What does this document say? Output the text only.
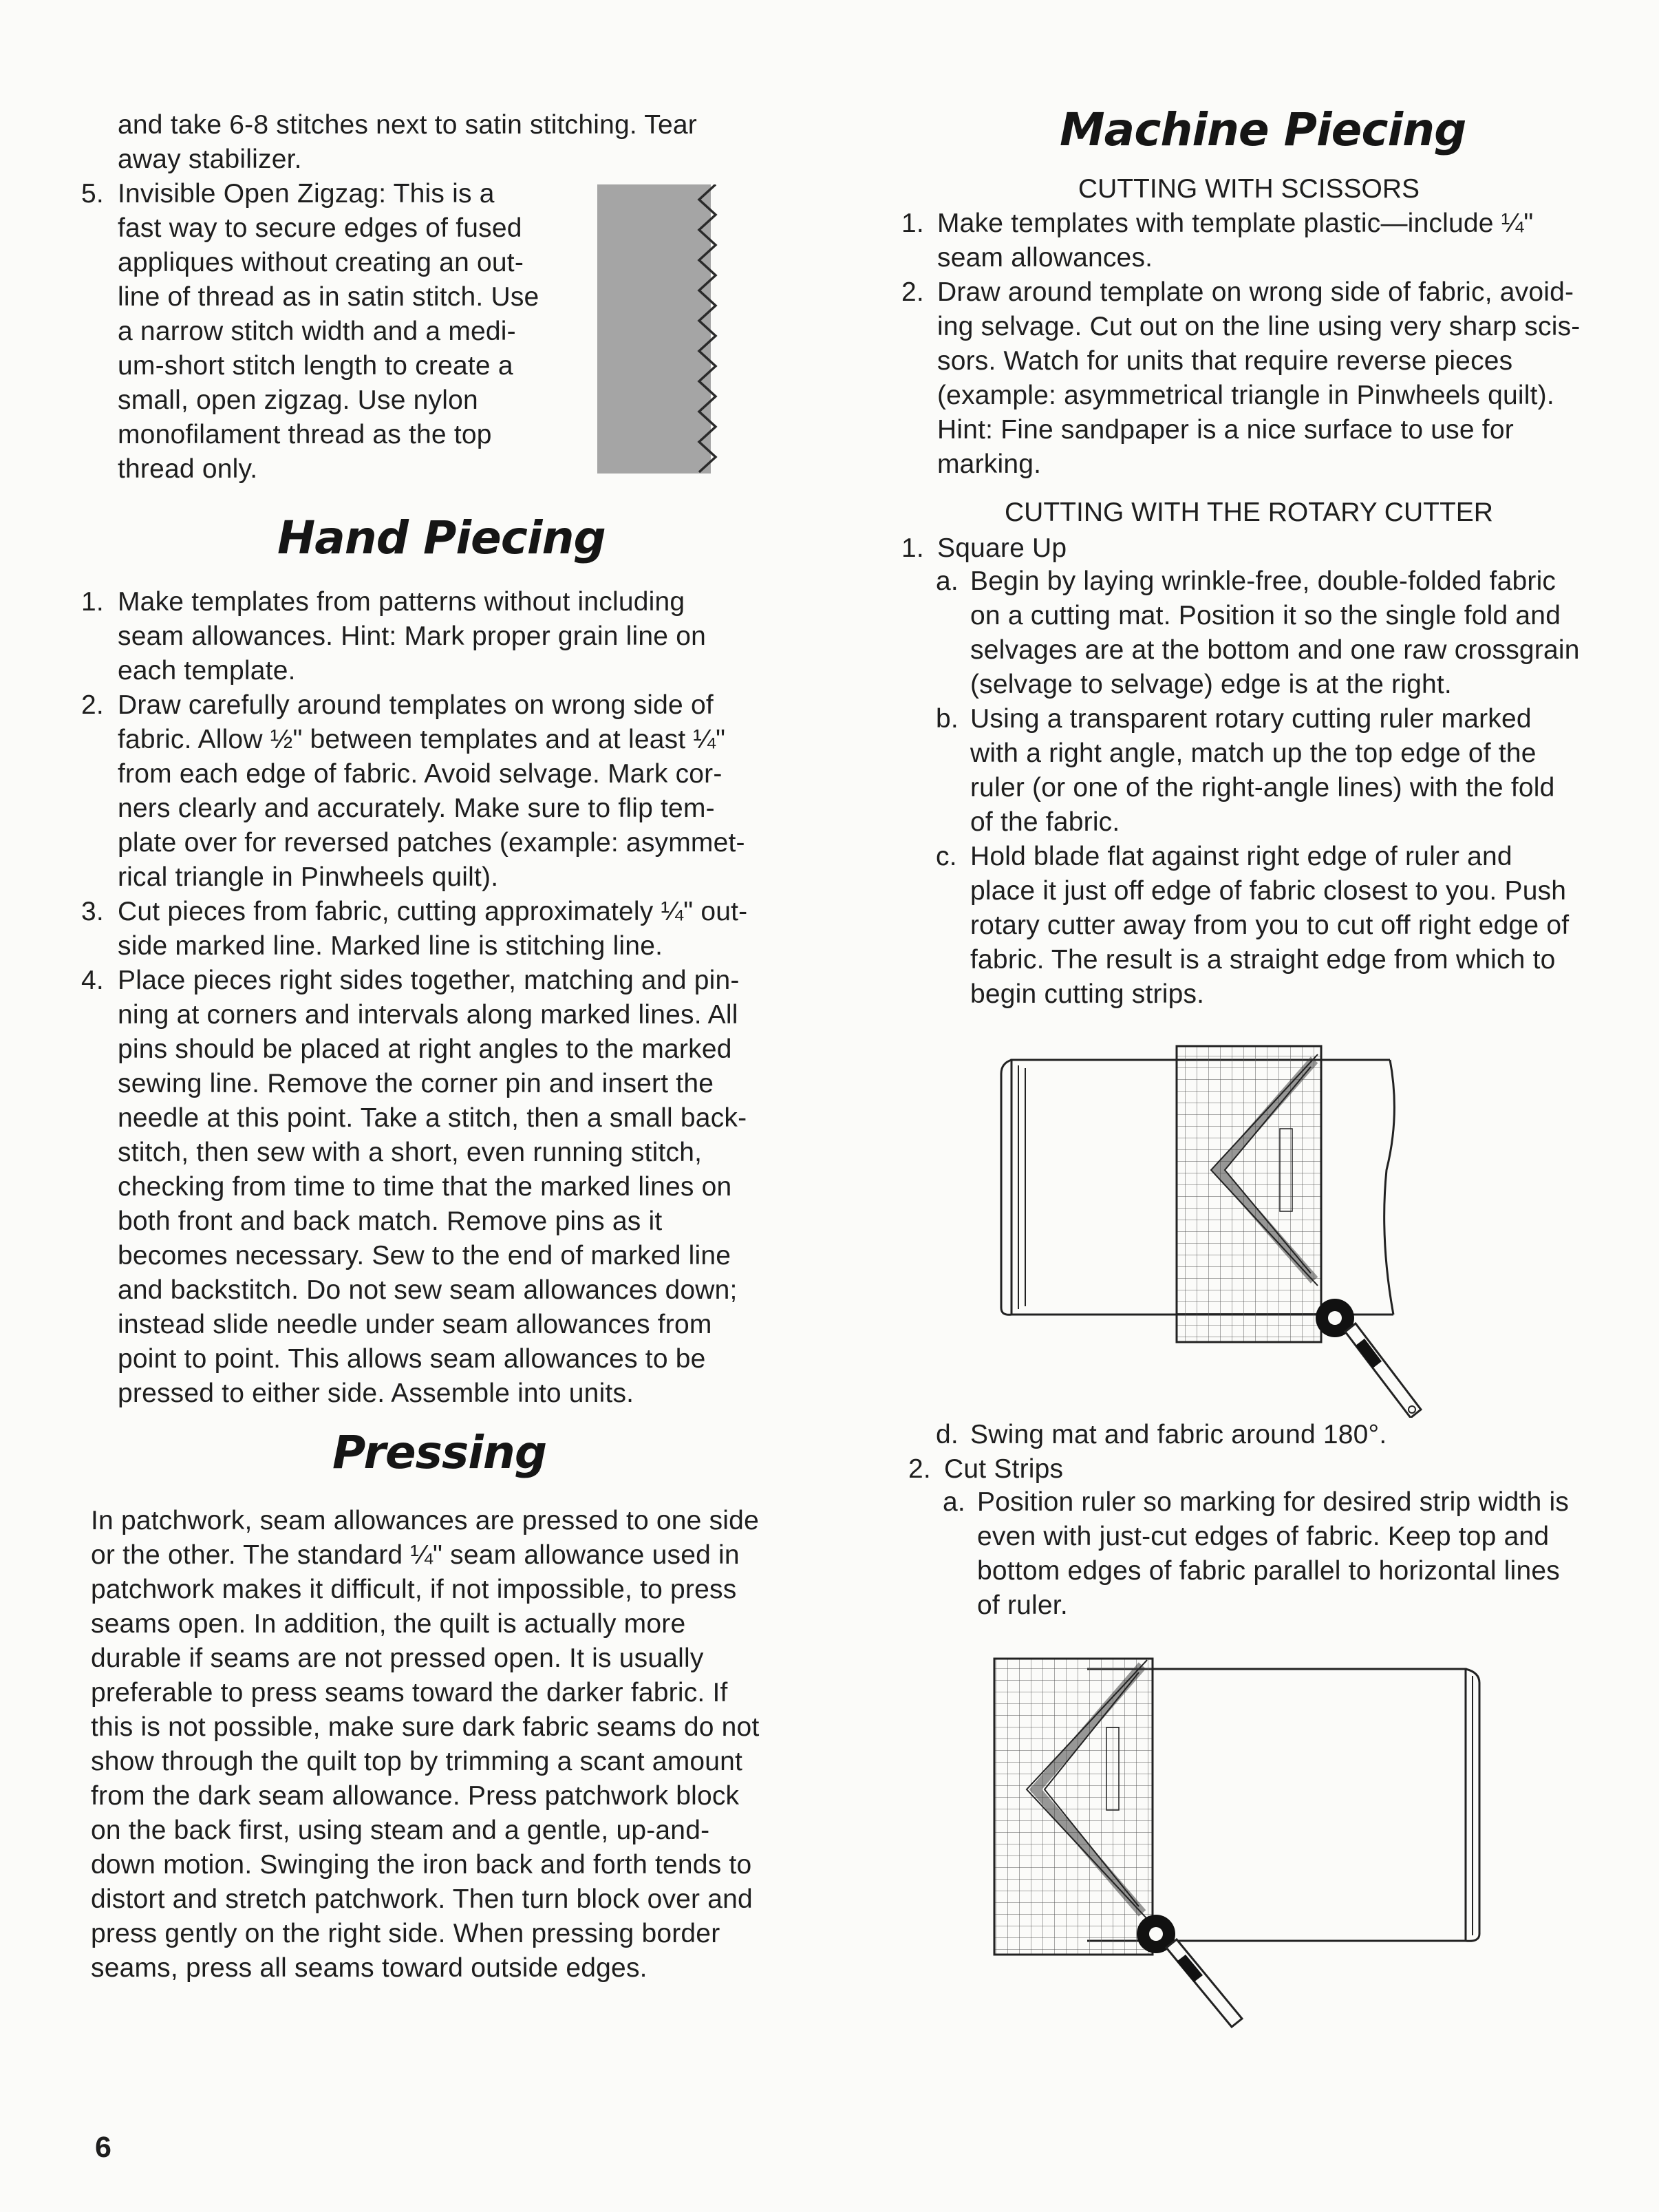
and take 6-8 stitches next to satin stitching. Tear
away stabilizer.
5. Invisible Open Zigzag: This is a
fast way to secure edges of fused
appliques without creating an out-
line of thread as in satin stitch. Use
a narrow stitch width and a medi-
um-short stitch length to create a
small, open zigzag. Use nylon
monofilament thread as the top
thread only.
Hand Piecing
1. Make templates from patterns without including
seam allowances. Hint: Mark proper grain line on
each template.
2. Draw carefully around templates on wrong side of
fabric. Allow ½" between templates and at least ¼"
from each edge of fabric. Avoid selvage. Mark cor-
ners clearly and accurately. Make sure to flip tem-
plate over for reversed patches (example: asymmet-
rical triangle in Pinwheels quilt).
3. Cut pieces from fabric, cutting approximately ¼" out-
side marked line. Marked line is stitching line.
4. Place pieces right sides together, matching and pin-
ning at corners and intervals along marked lines. All
pins should be placed at right angles to the marked
sewing line. Remove the corner pin and insert the
needle at this point. Take a stitch, then a small back-
stitch, then sew with a short, even running stitch,
checking from time to time that the marked lines on
both front and back match. Remove pins as it
becomes necessary. Sew to the end of marked line
and backstitch. Do not sew seam allowances down;
instead slide needle under seam allowances from
point to point. This allows seam allowances to be
pressed to either side. Assemble into units.
Pressing
In patchwork, seam allowances are pressed to one side
or the other. The standard ¼" seam allowance used in
patchwork makes it difficult, if not impossible, to press
seams open. In addition, the quilt is actually more
durable if seams are not pressed open. It is usually
preferable to press seams toward the darker fabric. If
this is not possible, make sure dark fabric seams do not
show through the quilt top by trimming a scant amount
from the dark seam allowance. Press patchwork block
on the back first, using steam and a gentle, up-and-
down motion. Swinging the iron back and forth tends to
distort and stretch patchwork. Then turn block over and
press gently on the right side. When pressing border
seams, press all seams toward outside edges.
Machine Piecing
CUTTING WITH SCISSORS
1. Make templates with template plastic—include ¼"
seam allowances.
2. Draw around template on wrong side of fabric, avoid-
ing selvage. Cut out on the line using very sharp scis-
sors. Watch for units that require reverse pieces
(example: asymmetrical triangle in Pinwheels quilt).
Hint: Fine sandpaper is a nice surface to use for
marking.
CUTTING WITH THE ROTARY CUTTER
1. Square Up
a. Begin by laying wrinkle-free, double-folded fabric
on a cutting mat. Position it so the single fold and
selvages are at the bottom and one raw crossgrain
(selvage to selvage) edge is at the right.
b. Using a transparent rotary cutting ruler marked
with a right angle, match up the top edge of the
ruler (or one of the right-angle lines) with the fold
of the fabric.
c. Hold blade flat against right edge of ruler and
place it just off edge of fabric closest to you. Push
rotary cutter away from you to cut off right edge of
fabric. The result is a straight edge from which to
begin cutting strips.
d. Swing mat and fabric around 180°.
2. Cut Strips
a. Position ruler so marking for desired strip width is
even with just-cut edges of fabric. Keep top and
bottom edges of fabric parallel to horizontal lines
of ruler.
6
